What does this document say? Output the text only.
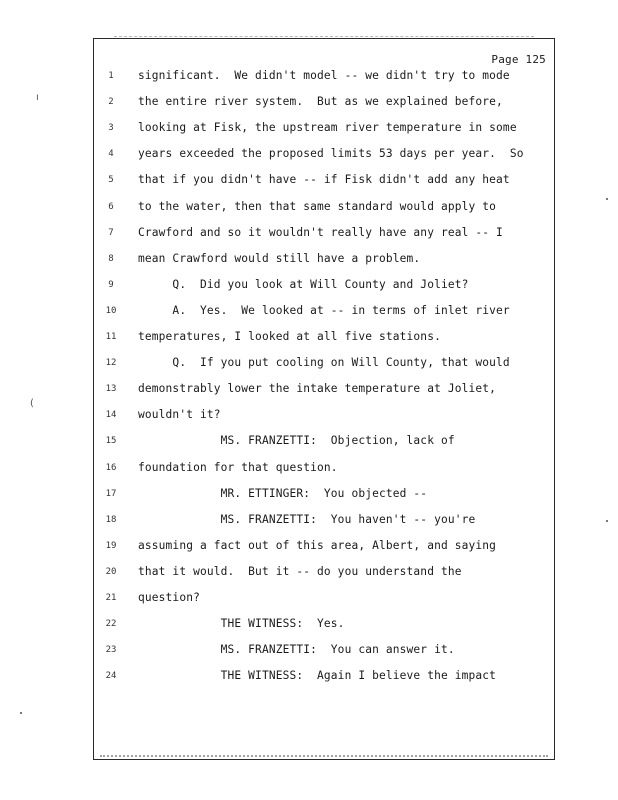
Page 125
1	significant.  We didn't model -- we didn't try to mode
2	the entire river system.  But as we explained before,
3	looking at Fisk, the upstream river temperature in some
4	years exceeded the proposed limits 53 days per year.  So
5	that if you didn't have -- if Fisk didn't add any heat
6	to the water, then that same standard would apply to
7	Crawford and so it wouldn't really have any real -- I
8	mean Crawford would still have a problem.
9	Q.  Did you look at Will County and Joliet?
10	A.  Yes.  We looked at -- in terms of inlet river
11	temperatures, I looked at all five stations.
12	Q.  If you put cooling on Will County, that would
13	demonstrably lower the intake temperature at Joliet,
14	wouldn't it?
15	MS. FRANZETTI:  Objection, lack of
16	foundation for that question.
17	MR. ETTINGER:  You objected --
18	MS. FRANZETTI:  You haven't -- you're
19	assuming a fact out of this area, Albert, and saying
20	that it would.  But it -- do you understand the
21	question?
22	THE WITNESS:  Yes.
23	MS. FRANZETTI:  You can answer it.
24	THE WITNESS:  Again I believe the impact
ı
(
